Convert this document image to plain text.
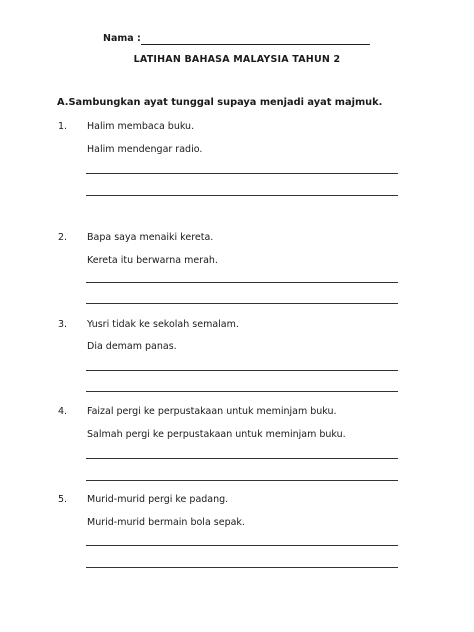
Nama :
LATIHAN BAHASA MALAYSIA TAHUN 2
A.Sambungkan ayat tunggal supaya menjadi ayat majmuk.
1. Halim membaca buku.
Halim mendengar radio.
2. Bapa saya menaiki kereta.
Kereta itu berwarna merah.
3. Yusri tidak ke sekolah semalam.
Dia demam panas.
4. Faizal pergi ke perpustakaan untuk meminjam buku.
Salmah pergi ke perpustakaan untuk meminjam buku.
5. Murid-murid pergi ke padang.
Murid-murid bermain bola sepak.
